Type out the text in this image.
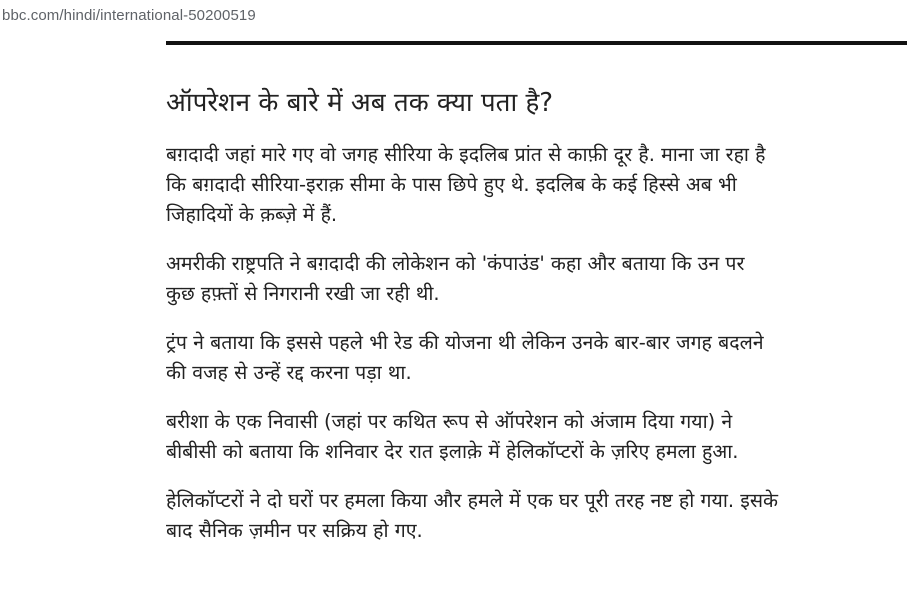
bbc.com/hindi/international-50200519
ऑपरेशन के बारे में अब तक क्या पता है?

बग़दादी जहां मारे गए वो जगह सीरिया के इदलिब प्रांत से काफ़ी दूर है. माना जा रहा है
कि बग़दादी सीरिया-इराक़ सीमा के पास छिपे हुए थे. इदलिब के कई हिस्से अब भी
जिहादियों के क़ब्ज़े में हैं.

अमरीकी राष्ट्रपति ने बग़दादी की लोकेशन को 'कंपाउंड' कहा और बताया कि उन पर
कुछ हफ़्तों से निगरानी रखी जा रही थी.

ट्रंप ने बताया कि इससे पहले भी रेड की योजना थी लेकिन उनके बार-बार जगह बदलने
की वजह से उन्हें रद्द करना पड़ा था.

बरीशा के एक निवासी (जहां पर कथित रूप से ऑपरेशन को अंजाम दिया गया) ने
बीबीसी को बताया कि शनिवार देर रात इलाक़े में हेलिकॉप्टरों के ज़रिए हमला हुआ.

हेलिकॉप्टरों ने दो घरों पर हमला किया और हमले में एक घर पूरी तरह नष्ट हो गया. इसके
बाद सैनिक ज़मीन पर सक्रिय हो गए.
